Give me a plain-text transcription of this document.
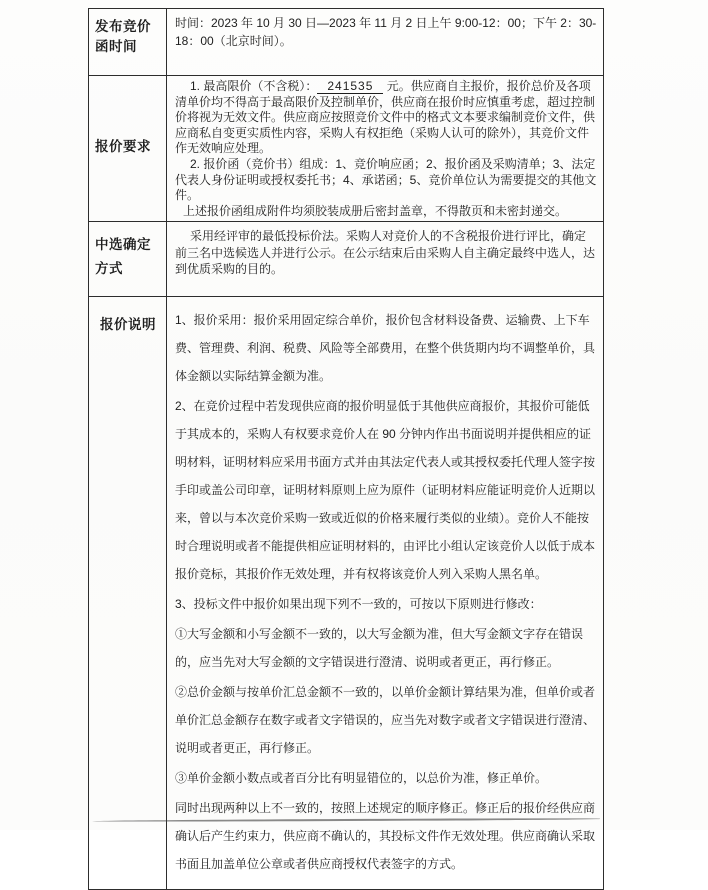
发布竞价函时间	时间：2023 年 10 月 30 日—2023 年 11 月 2 日上午 9:00-12：00；下午 2：30-18：00（北京时间）。

报价要求	1. 最高限价（不含税）： 241535 元。供应商自主报价，报价总价及各项清单价均不得高于最高限价及控制单价，供应商在报价时应慎重考虑，超过控制价将视为无效文件。供应商应按照竞价文件中的格式文本要求编制竞价文件，供应商私自变更实质性内容，采购人有权拒绝（采购人认可的除外），其竞价文件作无效响应处理。

2. 报价函（竞价书）组成：1、竞价响应函；2、报价函及采购清单；3、法定代表人身份证明或授权委托书；4、承诺函；5、竞价单位认为需要提交的其他文件。

上述报价函组成附件均须胶装成册后密封盖章，不得散页和未密封递交。

中选确定方式	采用经评审的最低投标价法。采购人对竞价人的不含税报价进行评比，确定前三名中选候选人并进行公示。在公示结束后由采购人自主确定最终中选人，达到优质采购的目的。

报价说明	1、报价采用：报价采用固定综合单价，报价包含材料设备费、运输费、上下车费、管理费、利润、税费、风险等全部费用，在整个供货期内均不调整单价，具体金额以实际结算金额为准。

2、在竞价过程中若发现供应商的报价明显低于其他供应商报价，其报价可能低于其成本的，采购人有权要求竞价人在 90 分钟内作出书面说明并提供相应的证明材料，证明材料应采用书面方式并由其法定代表人或其授权委托代理人签字按手印或盖公司印章，证明材料原则上应为原件（证明材料应能证明竞价人近期以来，曾以与本次竞价采购一致或近似的价格来履行类似的业绩）。竞价人不能按时合理说明或者不能提供相应证明材料的，由评比小组认定该竞价人以低于成本报价竞标，其报价作无效处理，并有权将该竞价人列入采购人黑名单。

3、投标文件中报价如果出现下列不一致的，可按以下原则进行修改：

①大写金额和小写金额不一致的，以大写金额为准，但大写金额文字存在错误的，应当先对大写金额的文字错误进行澄清、说明或者更正，再行修正。

②总价金额与按单价汇总金额不一致的，以单价金额计算结果为准，但单价或者单价汇总金额存在数字或者文字错误的，应当先对数字或者文字错误进行澄清、说明或者更正，再行修正。

③单价金额小数点或者百分比有明显错位的，以总价为准，修正单价。

同时出现两种以上不一致的，按照上述规定的顺序修正。修正后的报价经供应商确认后产生约束力，供应商不确认的，其投标文件作无效处理。供应商确认采取书面且加盖单位公章或者供应商授权代表签字的方式。
